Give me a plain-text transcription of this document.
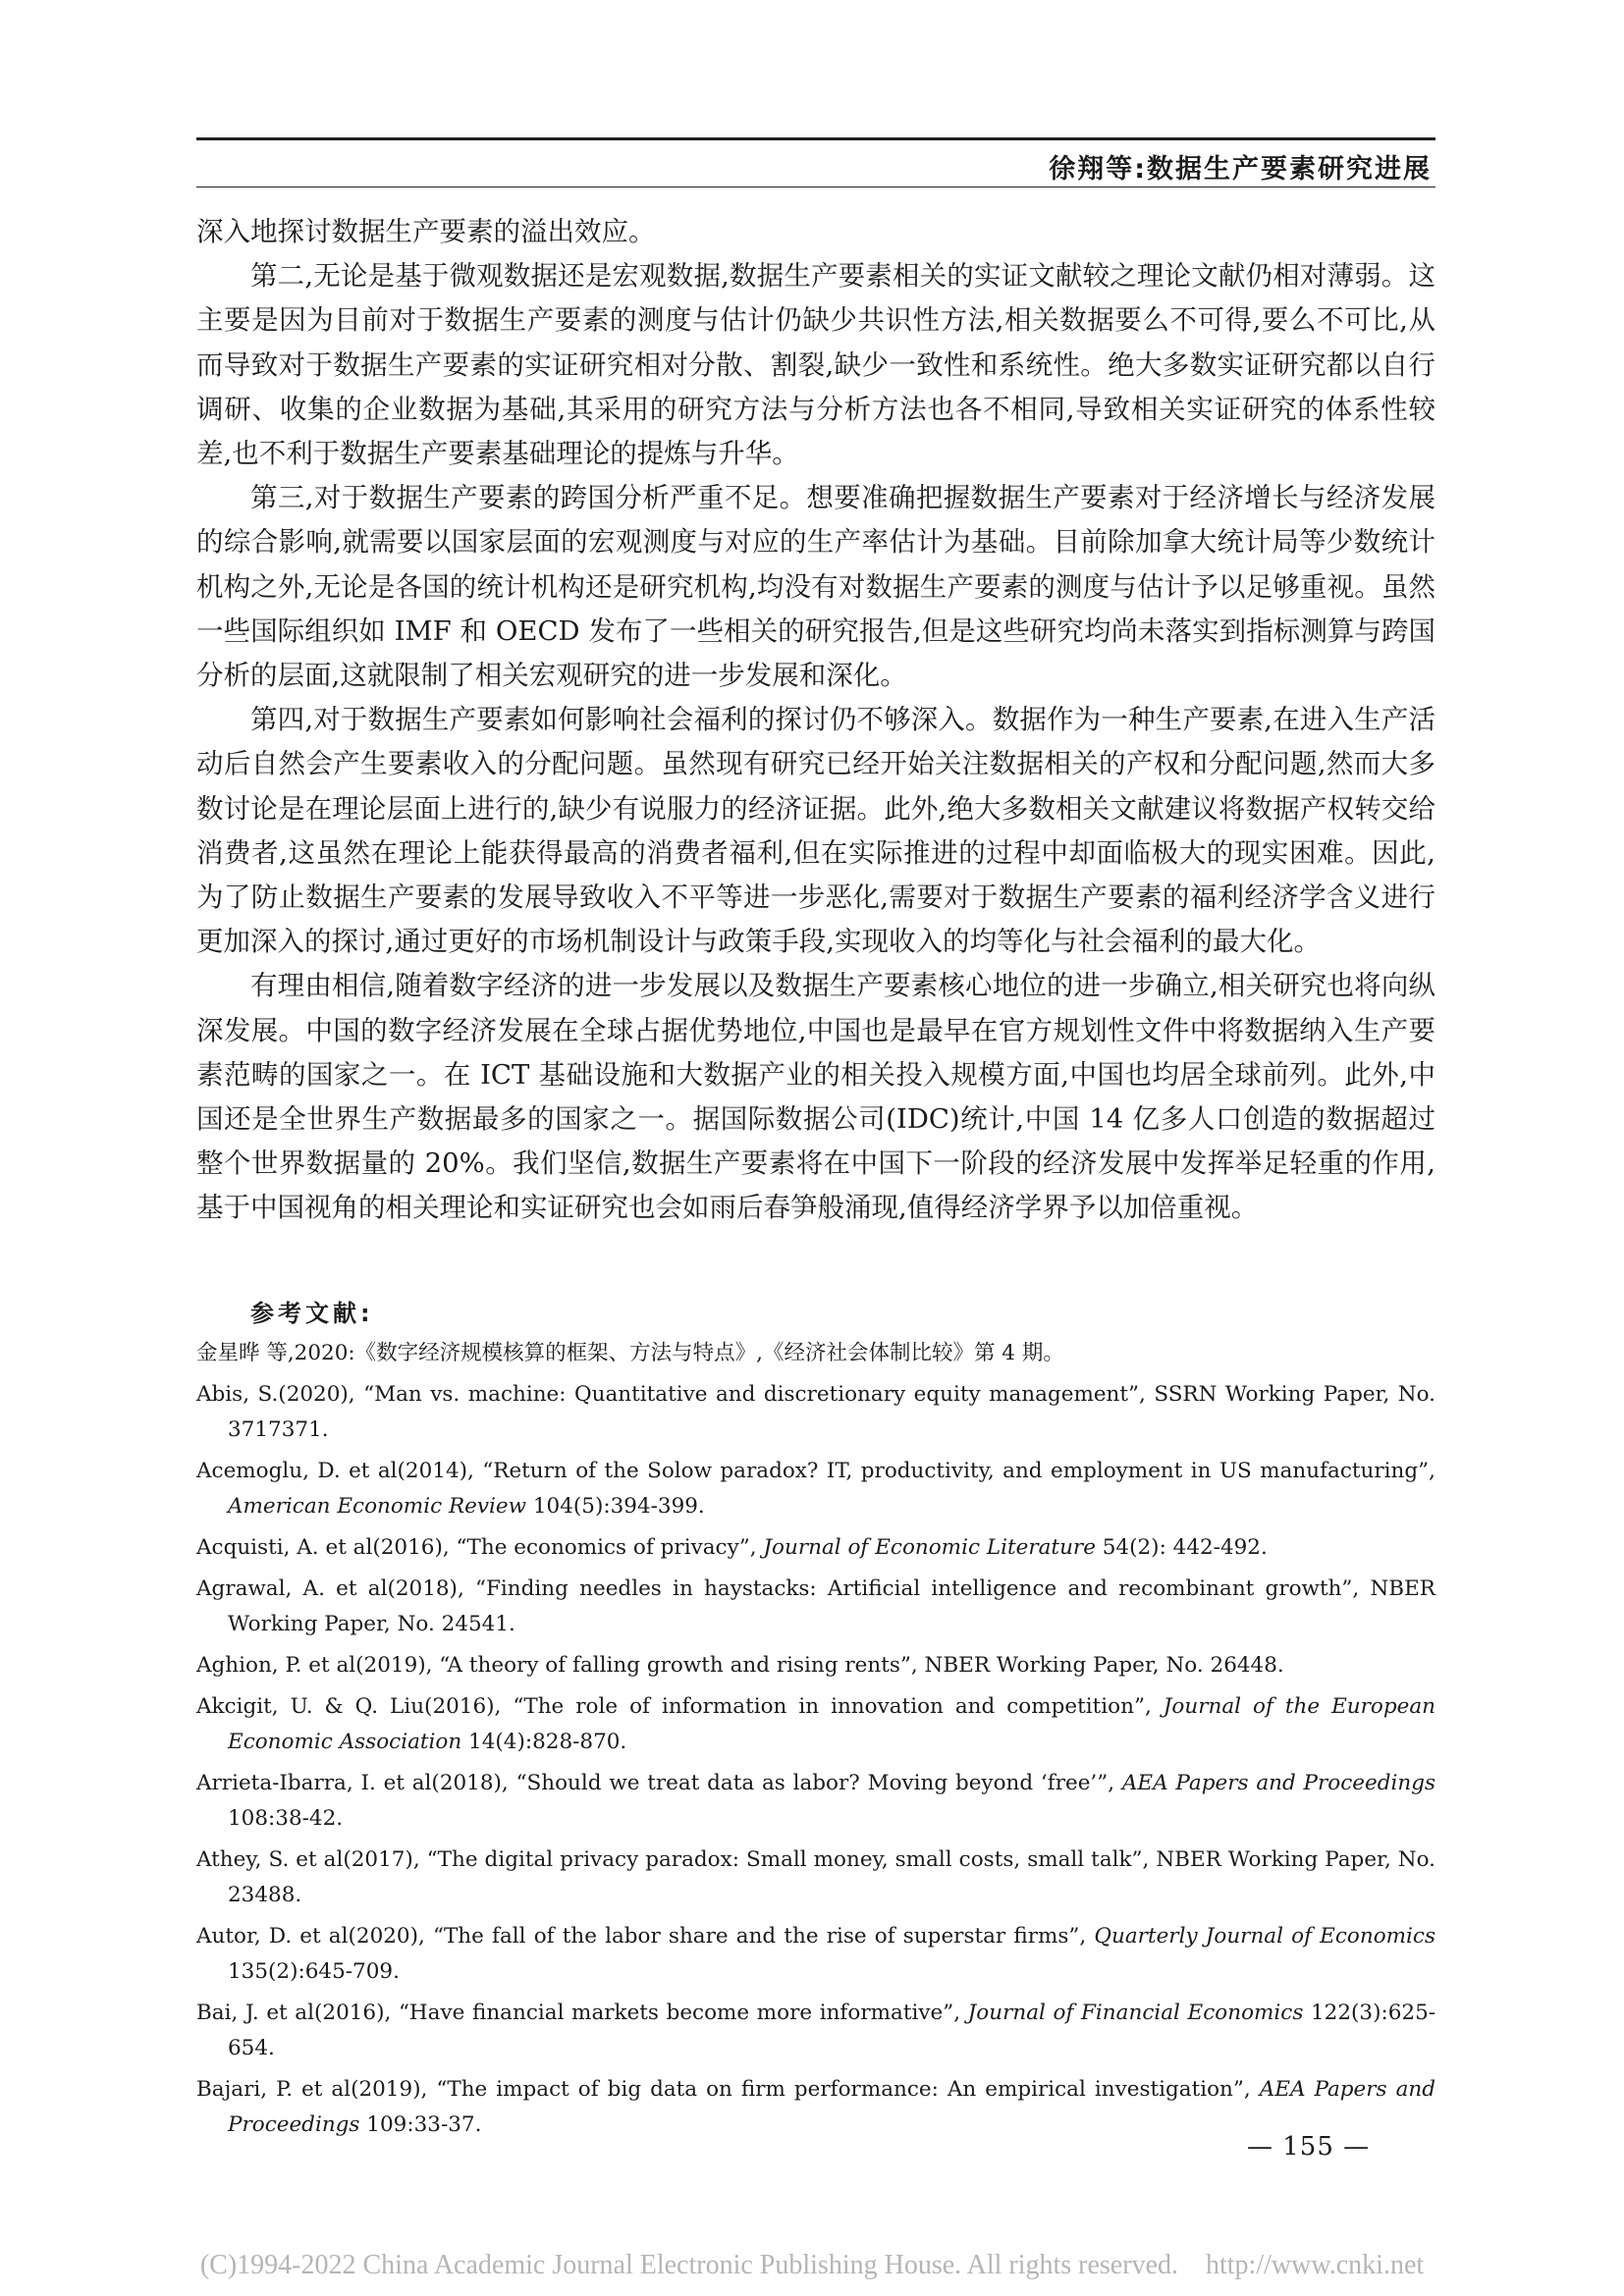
徐翔等:数据生产要素研究进展

深入地探讨数据生产要素的溢出效应。

第二,无论是基于微观数据还是宏观数据,数据生产要素相关的实证文献较之理论文献仍相对薄弱。这主要是因为目前对于数据生产要素的测度与估计仍缺少共识性方法,相关数据要么不可得,要么不可比,从而导致对于数据生产要素的实证研究相对分散、割裂,缺少一致性和系统性。绝大多数实证研究都以自行调研、收集的企业数据为基础,其采用的研究方法与分析方法也各不相同,导致相关实证研究的体系性较差,也不利于数据生产要素基础理论的提炼与升华。

第三,对于数据生产要素的跨国分析严重不足。想要准确把握数据生产要素对于经济增长与经济发展的综合影响,就需要以国家层面的宏观测度与对应的生产率估计为基础。目前除加拿大统计局等少数统计机构之外,无论是各国的统计机构还是研究机构,均没有对数据生产要素的测度与估计予以足够重视。虽然一些国际组织如 IMF 和 OECD 发布了一些相关的研究报告,但是这些研究均尚未落实到指标测算与跨国分析的层面,这就限制了相关宏观研究的进一步发展和深化。

第四,对于数据生产要素如何影响社会福利的探讨仍不够深入。数据作为一种生产要素,在进入生产活动后自然会产生要素收入的分配问题。虽然现有研究已经开始关注数据相关的产权和分配问题,然而大多数讨论是在理论层面上进行的,缺少有说服力的经济证据。此外,绝大多数相关文献建议将数据产权转交给消费者,这虽然在理论上能获得最高的消费者福利,但在实际推进的过程中却面临极大的现实困难。因此,为了防止数据生产要素的发展导致收入不平等进一步恶化,需要对于数据生产要素的福利经济学含义进行更加深入的探讨,通过更好的市场机制设计与政策手段,实现收入的均等化与社会福利的最大化。

有理由相信,随着数字经济的进一步发展以及数据生产要素核心地位的进一步确立,相关研究也将向纵深发展。中国的数字经济发展在全球占据优势地位,中国也是最早在官方规划性文件中将数据纳入生产要素范畴的国家之一。在 ICT 基础设施和大数据产业的相关投入规模方面,中国也均居全球前列。此外,中国还是全世界生产数据最多的国家之一。据国际数据公司(IDC)统计,中国 14 亿多人口创造的数据超过整个世界数据量的 20%。我们坚信,数据生产要素将在中国下一阶段的经济发展中发挥举足轻重的作用,基于中国视角的相关理论和实证研究也会如雨后春笋般涌现,值得经济学界予以加倍重视。

参考文献:
金星晔 等,2020:《数字经济规模核算的框架、方法与特点》,《经济社会体制比较》第 4 期。
Abis, S.(2020), “Man vs. machine: Quantitative and discretionary equity management”, SSRN Working Paper, No. 3717371.
Acemoglu, D. et al(2014), “Return of the Solow paradox? IT, productivity, and employment in US manufacturing”, American Economic Review 104(5):394-399.
Acquisti, A. et al(2016), “The economics of privacy”, Journal of Economic Literature 54(2): 442-492.
Agrawal, A. et al(2018), “Finding needles in haystacks: Artificial intelligence and recombinant growth”, NBER Working Paper, No. 24541.
Aghion, P. et al(2019), “A theory of falling growth and rising rents”, NBER Working Paper, No. 26448.
Akcigit, U. & Q. Liu(2016), “The role of information in innovation and competition”, Journal of the European Economic Association 14(4):828-870.
Arrieta-Ibarra, I. et al(2018), “Should we treat data as labor? Moving beyond ‘free’”, AEA Papers and Proceedings 108:38-42.
Athey, S. et al(2017), “The digital privacy paradox: Small money, small costs, small talk”, NBER Working Paper, No. 23488.
Autor, D. et al(2020), “The fall of the labor share and the rise of superstar firms”, Quarterly Journal of Economics 135(2):645-709.
Bai, J. et al(2016), “Have financial markets become more informative”, Journal of Financial Economics 122(3):625-654.
Bajari, P. et al(2019), “The impact of big data on firm performance: An empirical investigation”, AEA Papers and Proceedings 109:33-37.
— 155 —
(C)1994-2022 China Academic Journal Electronic Publishing House. All rights reserved.    http://www.cnki.net
